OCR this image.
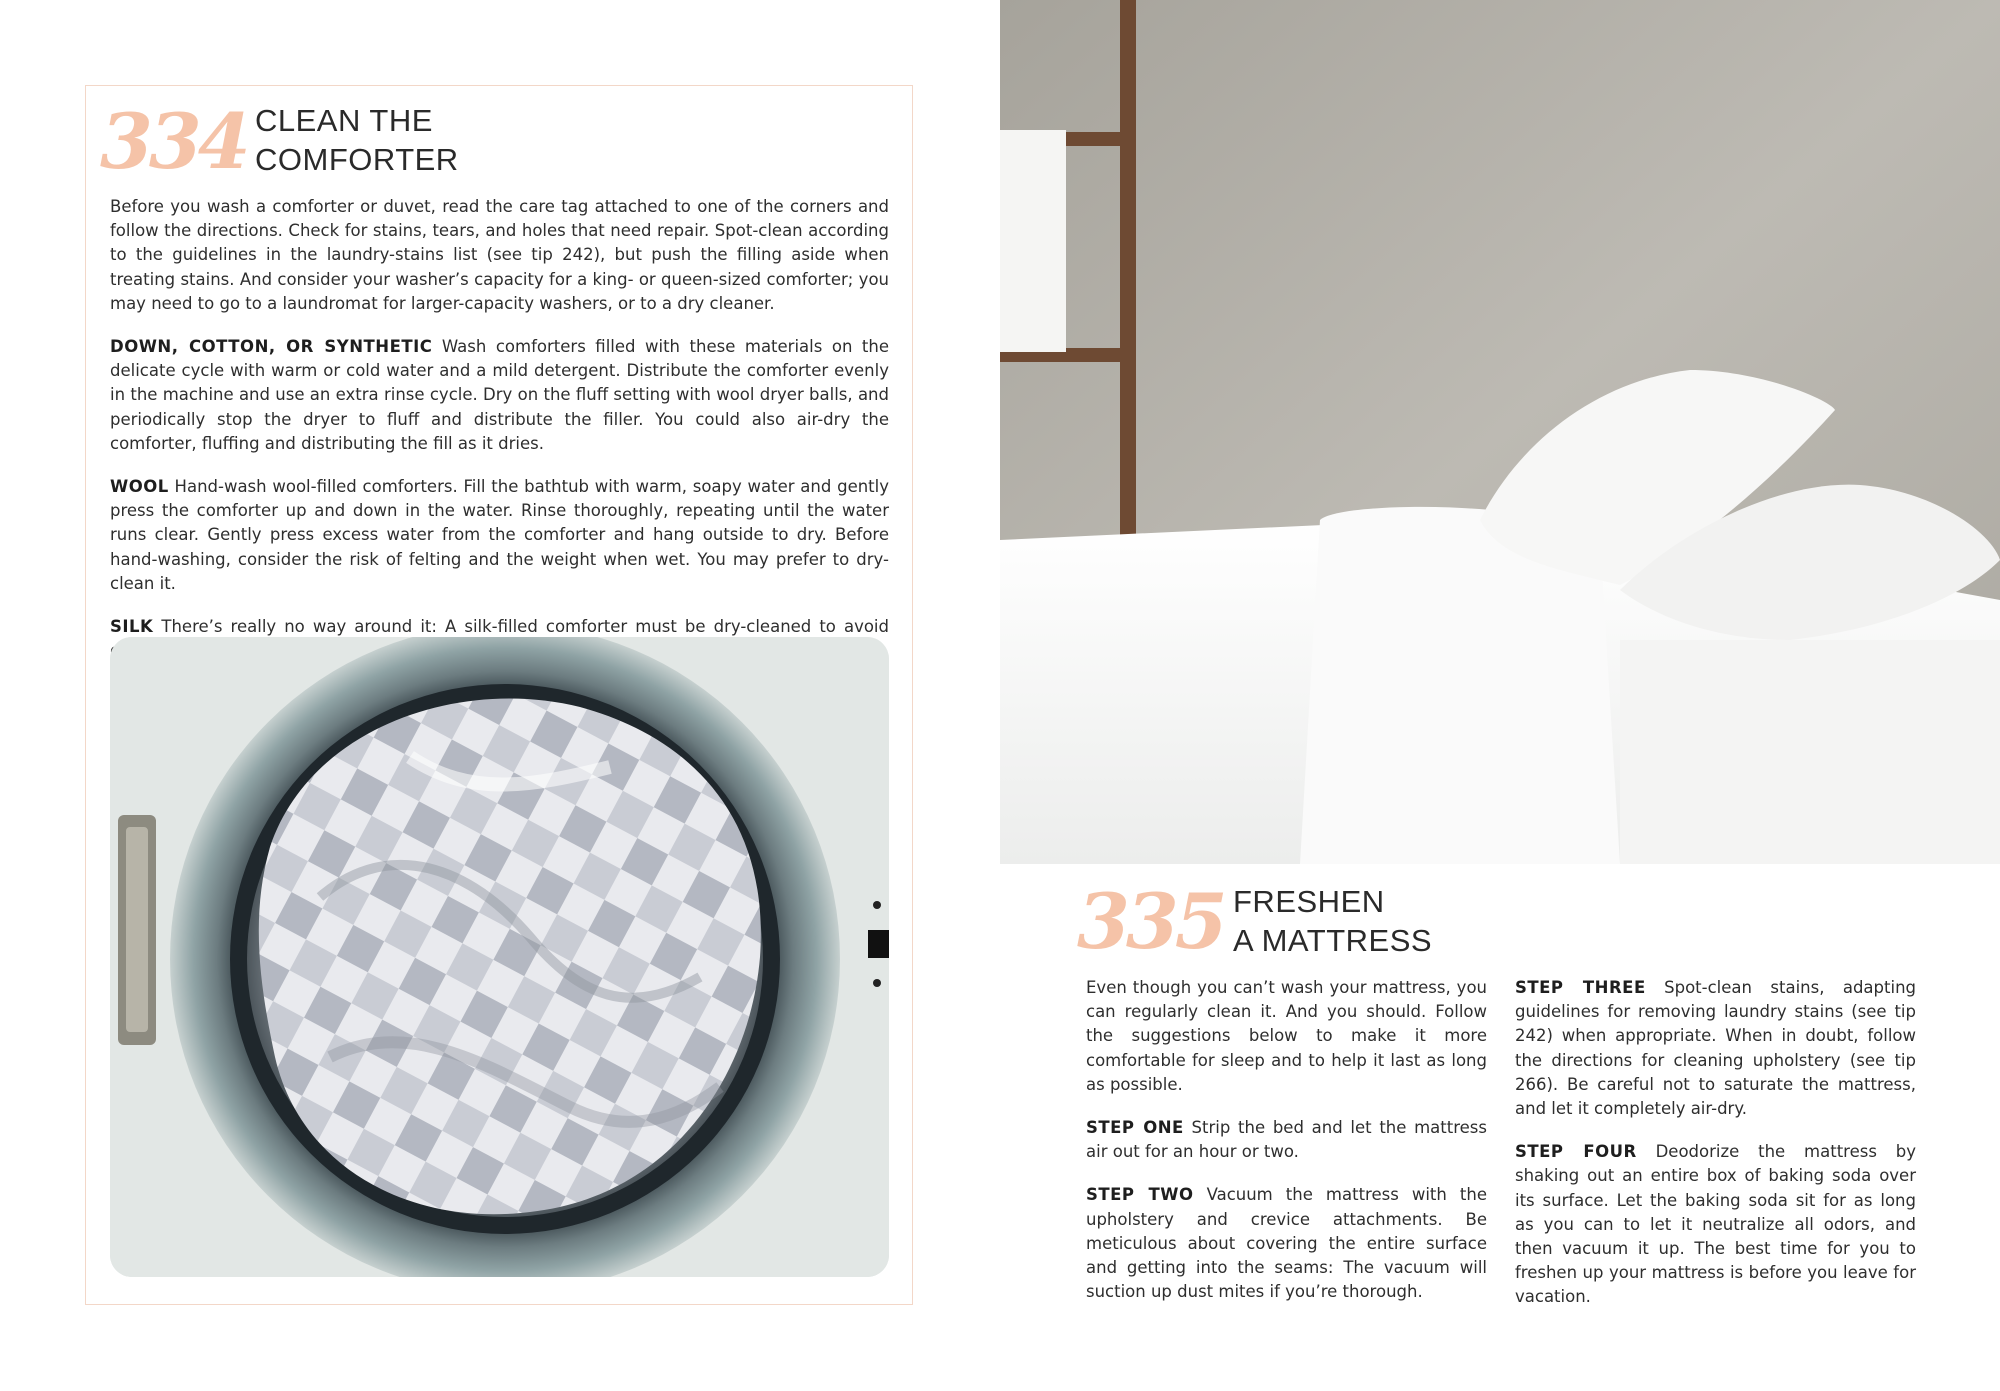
334 CLEAN THE
COMFORTER

Before you wash a comforter or duvet, read the care tag attached to one of the corners and follow the directions. Check for stains, tears, and holes that need repair. Spot-clean according to the guidelines in the laundry-stains list (see tip 242), but push the filling aside when treating stains. And consider your washer’s capacity for a king- or queen-sized comforter; you may need to go to a laundromat for larger-capacity washers, or to a dry cleaner.

DOWN, COTTON, OR SYNTHETIC Wash comforters filled with these materials on the delicate cycle with warm or cold water and a mild detergent. Distribute the comforter evenly in the machine and use an extra rinse cycle. Dry on the fluff setting with wool dryer balls, and periodically stop the dryer to fluff and distribute the filler. You could also air-dry the comforter, fluffing and distributing the fill as it dries.

WOOL Hand-wash wool-filled comforters. Fill the bathtub with warm, soapy water and gently press the comforter up and down in the water. Rinse thoroughly, repeating until the water runs clear. Gently press excess water from the comforter and hang outside to dry. Before hand-washing, consider the risk of felting and the weight when wet. You may prefer to dry-clean it.

SILK There’s really no way around it: A silk-filled comforter must be dry-cleaned to avoid

335 FRESHEN
A MATTRESS

Even though you can’t wash your mattress, you can regularly clean it. And you should. Follow the suggestions below to make it more comfortable for sleep and to help it last as long as possible.

STEP ONE Strip the bed and let the mattress air out for an hour or two.

STEP TWO Vacuum the mattress with the upholstery and crevice attachments. Be meticulous about covering the entire surface and getting into the seams: The vacuum will suction up dust mites if you’re thorough.

STEP THREE Spot-clean stains, adapting guidelines for removing laundry stains (see tip 242) when appropriate. When in doubt, follow the directions for cleaning upholstery (see tip 266). Be careful not to saturate the mattress, and let it completely air-dry.

STEP FOUR Deodorize the mattress by shaking out an entire box of baking soda over its surface. Let the baking soda sit for as long as you can to let it neutralize all odors, and then vacuum it up. The best time for you to freshen up your mattress is before you leave for vacation.
